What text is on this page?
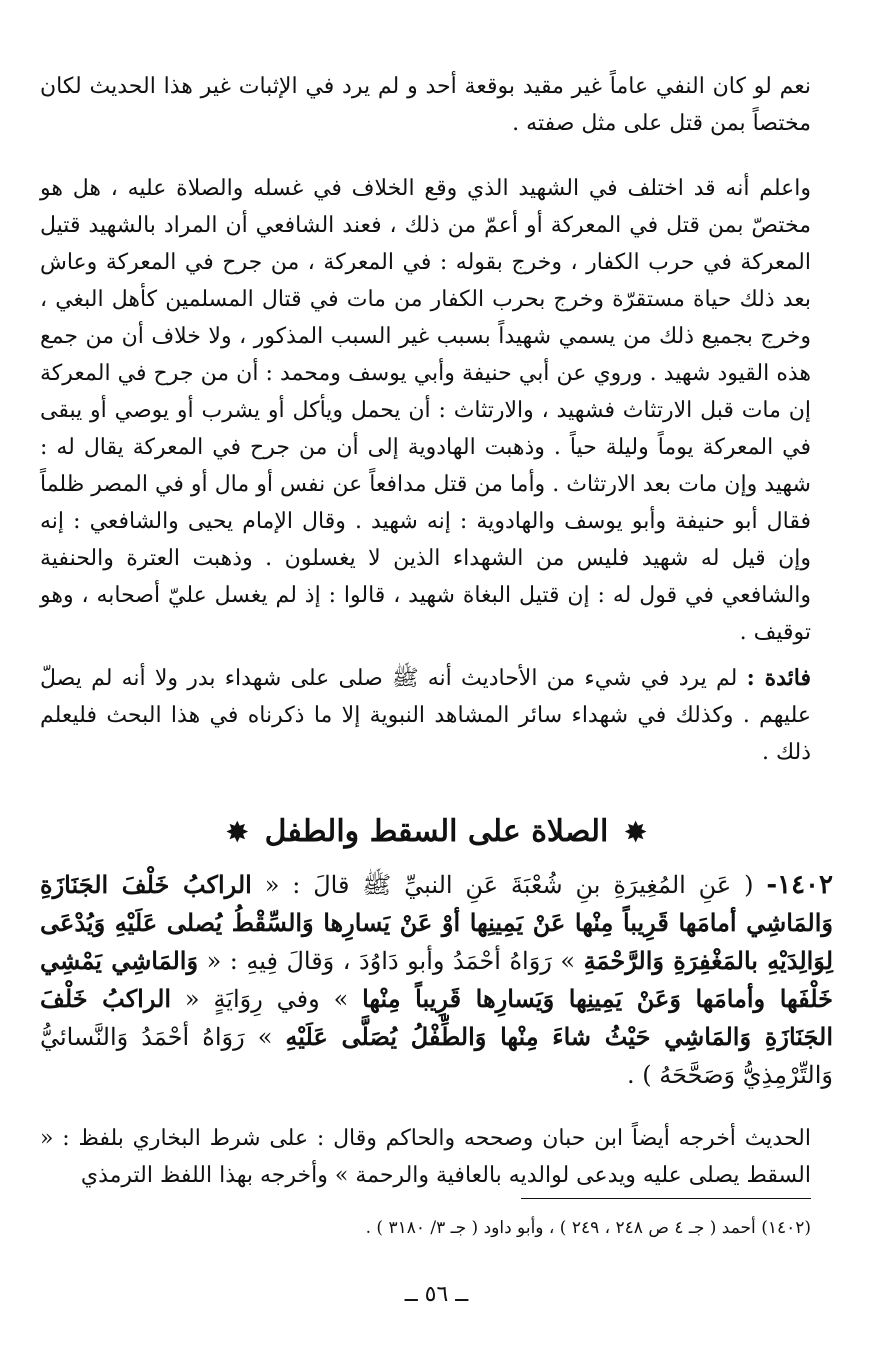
نعم لو كان النفي عاماً غير مقيد بوقعة أحد و لم يرد في الإثبات غير هذا الحديث لكان مختصاً بمن قتل على مثل صفته .

واعلم أنه قد اختلف في الشهيد الذي وقع الخلاف في غسله والصلاة عليه ، هل هو مختصّ بمن قتل في المعركة أو أعمّ من ذلك ، فعند الشافعي أن المراد بالشهيد قتيل المعركة في حرب الكفار ، وخرج بقوله : في المعركة ، من جرح في المعركة وعاش بعد ذلك حياة مستقرّة وخرج بحرب الكفار من مات في قتال المسلمين كأهل البغي ، وخرج بجميع ذلك من يسمي شهيداً بسبب غير السبب المذكور ، ولا خلاف أن من جمع هذه القيود شهيد . وروي عن أبي حنيفة وأبي يوسف ومحمد : أن من جرح في المعركة إن مات قبل الارتثاث فشهيد ، والارتثاث : أن يحمل ويأكل أو يشرب أو يوصي أو يبقى في المعركة يوماً وليلة حياً . وذهبت الهادوية إلى أن من جرح في المعركة يقال له : شهيد وإن مات بعد الارتثاث . وأما من قتل مدافعاً عن نفس أو مال أو في المصر ظلماً فقال أبو حنيفة وأبو يوسف والهادوية : إنه شهيد . وقال الإمام يحيى والشافعي : إنه وإن قيل له شهيد فليس من الشهداء الذين لا يغسلون . وذهبت العترة والحنفية والشافعي في قول له : إن قتيل البغاة شهيد ، قالوا : إذ لم يغسل عليّ أصحابه ، وهو توقيف .

فائدة : لم يرد في شيء من الأحاديث أنه ﷺ صلى على شهداء بدر ولا أنه لم يصلّ عليهم . وكذلك في شهداء سائر المشاهد النبوية إلا ما ذكرناه في هذا البحث فليعلم ذلك .

✸ الصلاة على السقط والطفل ✸

١٤٠٢- ( عَنِ المُغِيرَةِ بنِ شُعْبَةَ عَنِ النبيِّ ﷺ قالَ : « الراكبُ خَلْفَ الجَنَازَةِ وَالمَاشِي أمامَها قَرِيباً مِنْها عَنْ يَمِينِها أوْ عَنْ يَسارِها وَالسِّقْطُ يُصلى عَلَيْهِ وَيُدْعَى لِوَالِدَيْهِ بالمَغْفِرَةِ وَالرَّحْمَةِ » رَوَاهُ أحْمَدُ وأبو دَاوُدَ ، وَقالَ فِيهِ : « وَالمَاشِي يَمْشِي خَلْفَها وأمامَها وَعَنْ يَمِينِها وَيَسارِها قَرِيباً مِنْها » وفي رِوَايَةٍ « الراكبُ خَلْفَ الجَنَازَةِ وَالمَاشِي حَيْثُ شاءَ مِنْها وَالطِّفْلُ يُصَلَّى عَلَيْهِ » رَوَاهُ أحْمَدُ وَالنَّسائيُّ وَالتِّرْمِذِيُّ وَصَحَّحَهُ ) .

الحديث أخرجه أيضاً ابن حبان وصححه والحاكم وقال : على شرط البخاري بلفظ : « السقط يصلى عليه ويدعى لوالديه بالعافية والرحمة » وأخرجه بهذا اللفظ الترمذي

(١٤٠٢) أحمد ( جـ ٤ ص ٢٤٨ ، ٢٤٩ ) ، وأبو داود ( جـ ٣/ ٣١٨٠ ) .

ــ ٥٦ ــ
